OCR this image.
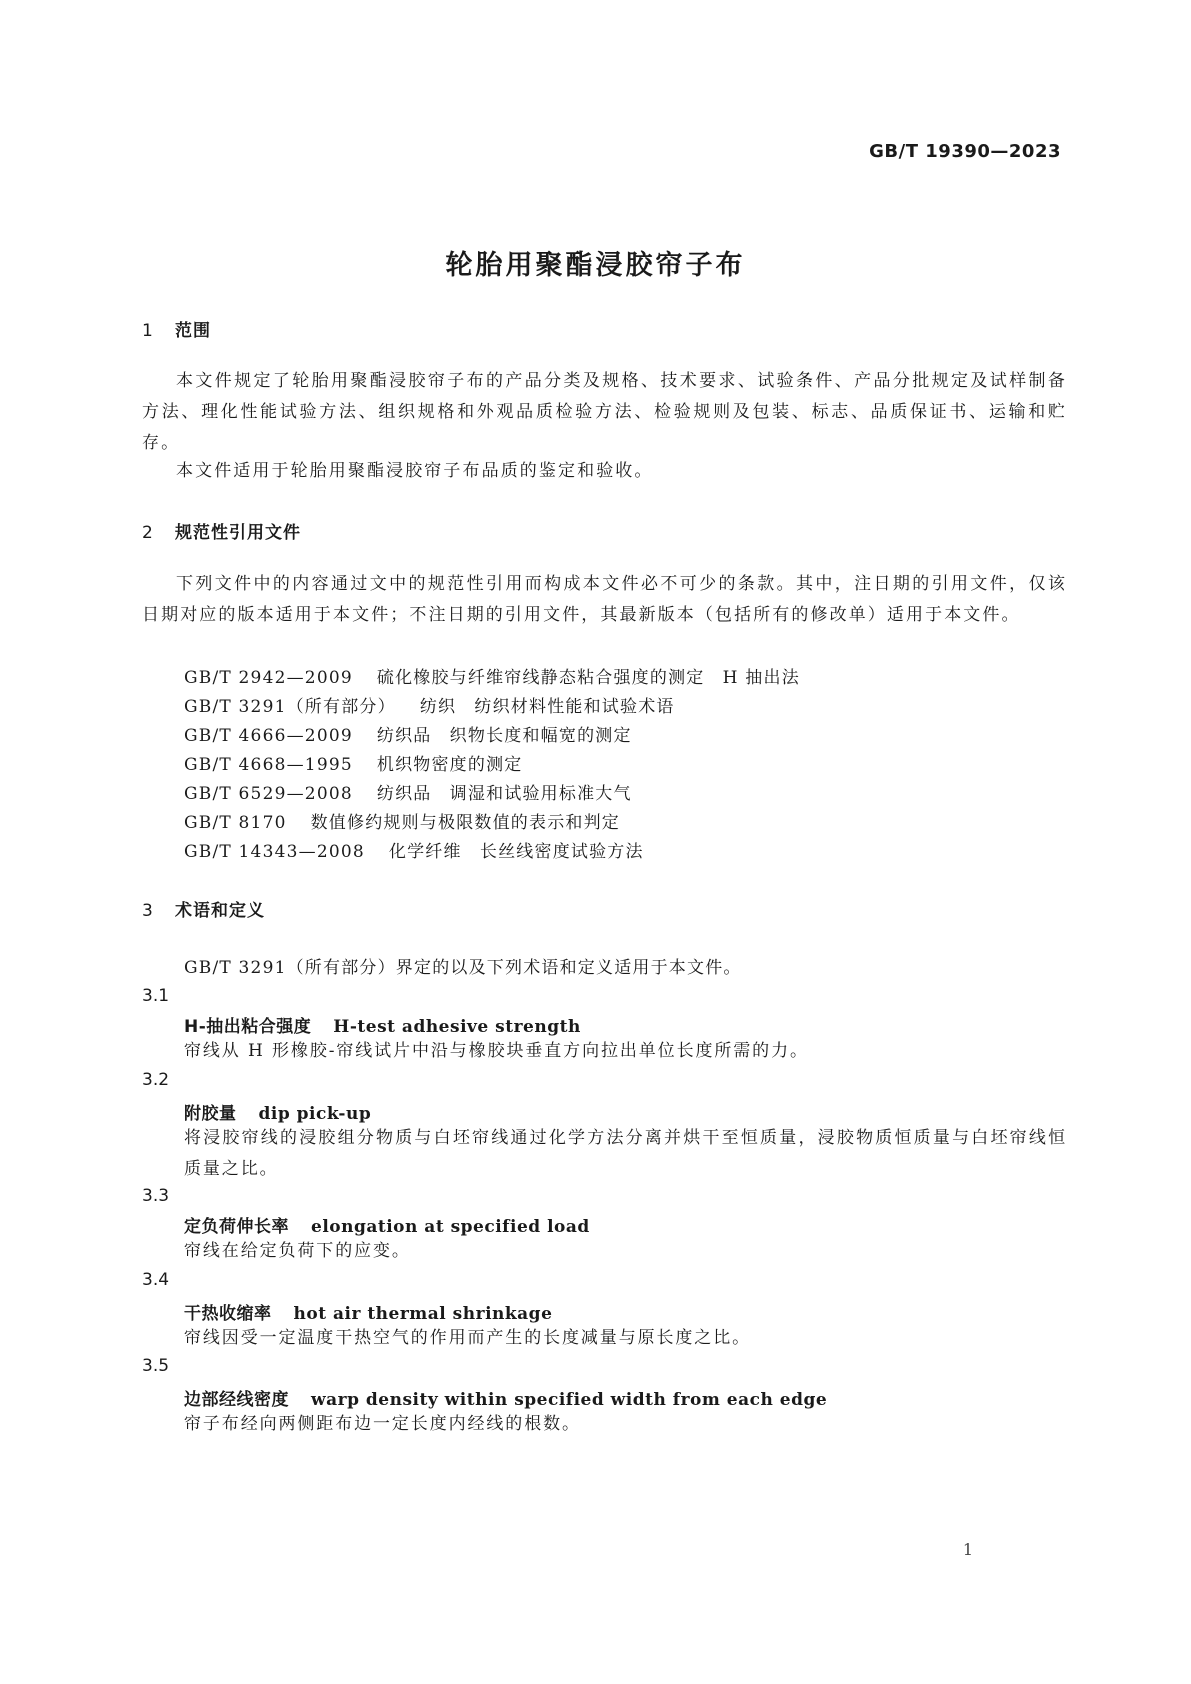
GB/T 19390—2023
轮胎用聚酯浸胶帘子布
1 范围
本文件规定了轮胎用聚酯浸胶帘子布的产品分类及规格、技术要求、试验条件、产品分批规定及试样制备方法、理化性能试验方法、组织规格和外观品质检验方法、检验规则及包装、标志、品质保证书、运输和贮存。
本文件适用于轮胎用聚酯浸胶帘子布品质的鉴定和验收。
2 规范性引用文件
下列文件中的内容通过文中的规范性引用而构成本文件必不可少的条款。其中，注日期的引用文件，仅该日期对应的版本适用于本文件；不注日期的引用文件，其最新版本（包括所有的修改单）适用于本文件。
GB/T 2942—2009 硫化橡胶与纤维帘线静态粘合强度的测定　H 抽出法
GB/T 3291（所有部分） 纺织　纺织材料性能和试验术语
GB/T 4666—2009 纺织品　织物长度和幅宽的测定
GB/T 4668—1995 机织物密度的测定
GB/T 6529—2008 纺织品　调湿和试验用标准大气
GB/T 8170 数值修约规则与极限数值的表示和判定
GB/T 14343—2008 化学纤维　长丝线密度试验方法
3 术语和定义
GB/T 3291（所有部分）界定的以及下列术语和定义适用于本文件。
3.1
H-抽出粘合强度 H-test adhesive strength
帘线从 H 形橡胶-帘线试片中沿与橡胶块垂直方向拉出单位长度所需的力。
3.2
附胶量 dip pick-up
将浸胶帘线的浸胶组分物质与白坯帘线通过化学方法分离并烘干至恒质量，浸胶物质恒质量与白坯帘线恒质量之比。
3.3
定负荷伸长率 elongation at specified load
帘线在给定负荷下的应变。
3.4
干热收缩率 hot air thermal shrinkage
帘线因受一定温度干热空气的作用而产生的长度减量与原长度之比。
3.5
边部经线密度 warp density within specified width from each edge
帘子布经向两侧距布边一定长度内经线的根数。
1
